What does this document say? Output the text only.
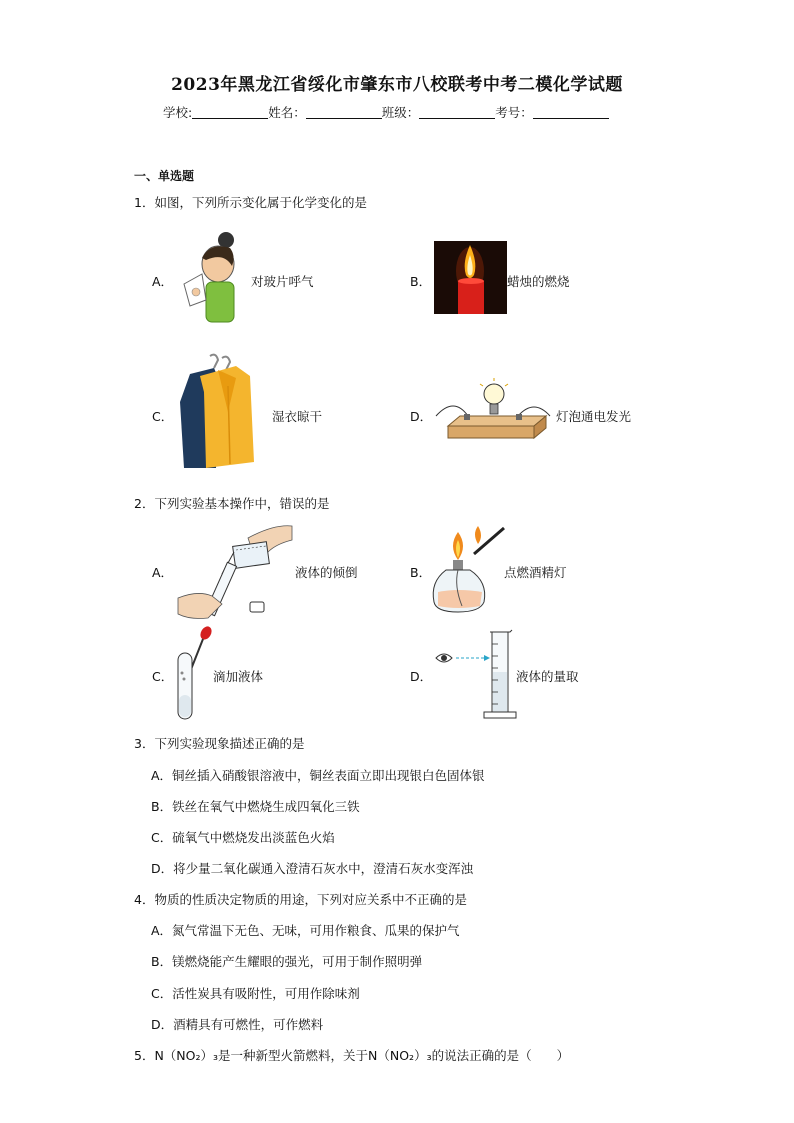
2023年黑龙江省绥化市肇东市八校联考中考二模化学试题
学校:	姓名：	班级：	考号：
一、单选题
1．如图，下列所示变化属于化学变化的是
A．	对玻片呼气	B．	蜡烛的燃烧
C．	湿衣晾干	D．	灯泡通电发光
2．下列实验基本操作中，错误的是
A．	液体的倾倒	B．	点燃酒精灯
C．	滴加液体	D．	液体的量取
3．下列实验现象描述正确的是
A．铜丝插入硝酸银溶液中，铜丝表面立即出现银白色固体银
B．铁丝在氧气中燃烧生成四氧化三铁
C．硫氧气中燃烧发出淡蓝色火焰
D．将少量二氧化碳通入澄清石灰水中，澄清石灰水变浑浊
4．物质的性质决定物质的用途，下列对应关系中不正确的是
A．氮气常温下无色、无味，可用作粮食、瓜果的保护气
B．镁燃烧能产生耀眼的强光，可用于制作照明弹
C．活性炭具有吸附性，可用作除味剂
D．酒精具有可燃性，可作燃料
5．N（NO₂）₃是一种新型火箭燃料，关于N（NO₂）₃的说法正确的是（　　）
